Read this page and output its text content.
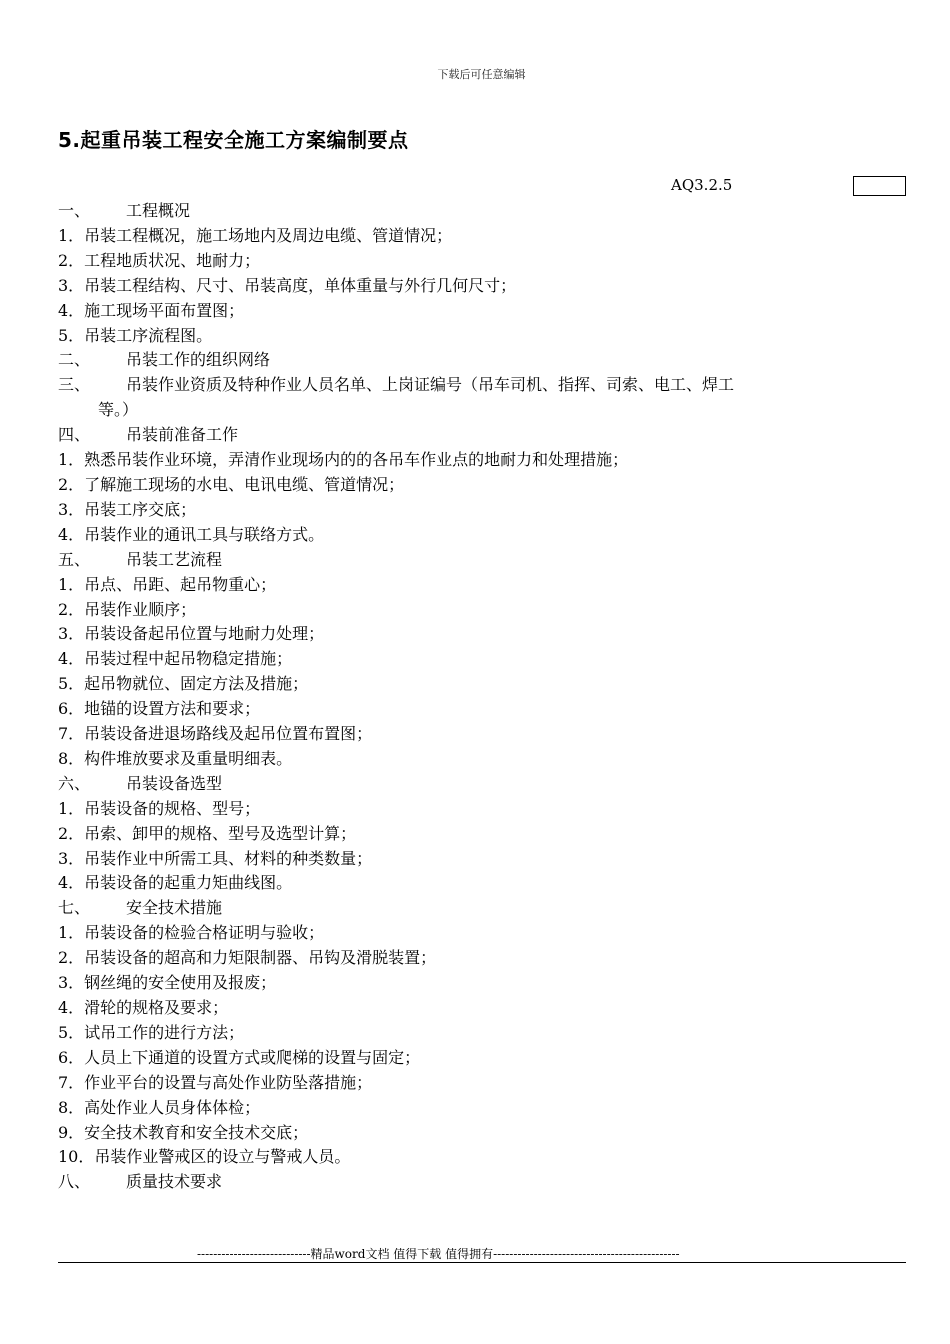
下载后可任意编辑
5.起重吊装工程安全施工方案编制要点
AQ3.2.5
一、 工程概况
1．吊装工程概况，施工场地内及周边电缆、管道情况；
2．工程地质状况、地耐力；
3．吊装工程结构、尺寸、吊装高度，单体重量与外行几何尺寸；
4．施工现场平面布置图；
5．吊装工序流程图。
二、 吊装工作的组织网络
三、 吊装作业资质及特种作业人员名单、上岗证编号（吊车司机、指挥、司索、电工、焊工
等。）
四、 吊装前准备工作
1．熟悉吊装作业环境，弄清作业现场内的的各吊车作业点的地耐力和处理措施；
2．了解施工现场的水电、电讯电缆、管道情况；
3．吊装工序交底；
4．吊装作业的通讯工具与联络方式。
五、 吊装工艺流程
1．吊点、吊距、起吊物重心；
2．吊装作业顺序；
3．吊装设备起吊位置与地耐力处理；
4．吊装过程中起吊物稳定措施；
5．起吊物就位、固定方法及措施；
6．地锚的设置方法和要求；
7．吊装设备进退场路线及起吊位置布置图；
8．构件堆放要求及重量明细表。
六、 吊装设备选型
1．吊装设备的规格、型号；
2．吊索、卸甲的规格、型号及选型计算；
3．吊装作业中所需工具、材料的种类数量；
4．吊装设备的起重力矩曲线图。
七、 安全技术措施
1．吊装设备的检验合格证明与验收；
2．吊装设备的超高和力矩限制器、吊钩及滑脱装置；
3．钢丝绳的安全使用及报废；
4．滑轮的规格及要求；
5．试吊工作的进行方法；
6．人员上下通道的设置方式或爬梯的设置与固定；
7．作业平台的设置与高处作业防坠落措施；
8．高处作业人员身体体检；
9．安全技术教育和安全技术交底；
10．吊装作业警戒区的设立与警戒人员。
八、 质量技术要求
----------------------------精品word文档 值得下载 值得拥有----------------------------------------------
